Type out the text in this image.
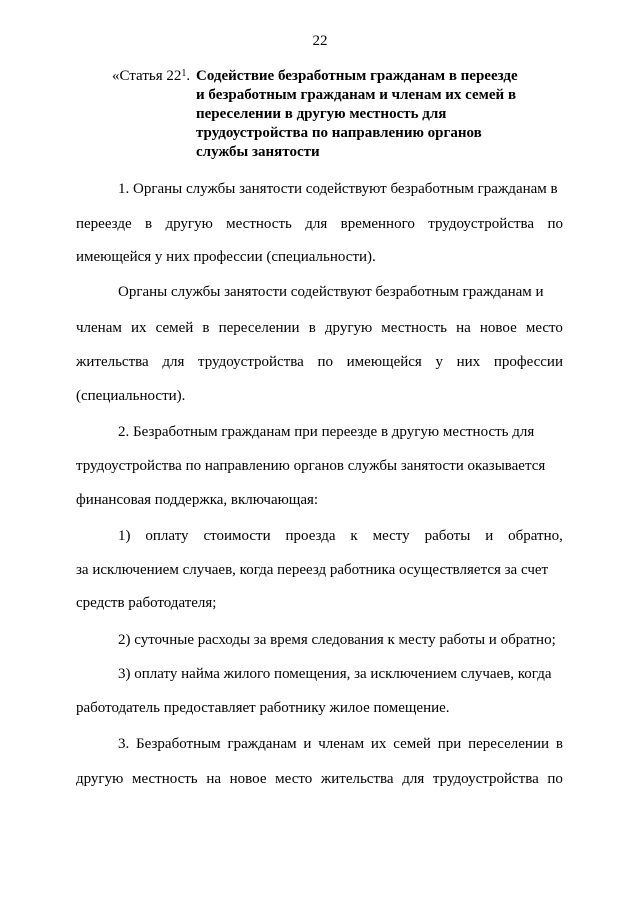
22
«Статья $22^1$. Содействие безработным гражданам в переезде
и безработным гражданам и членам их семей в
переселении в другую местность для
трудоустройства по направлению органов
службы занятости
1. Органы службы занятости содействуют безработным гражданам в
переезде в другую местность для временного трудоустройства по
имеющейся у них профессии (специальности).
Органы службы занятости содействуют безработным гражданам и
членам их семей в переселении в другую местность на новое место
жительства для трудоустройства по имеющейся у них профессии
(специальности).
2. Безработным гражданам при переезде в другую местность для
трудоустройства по направлению органов службы занятости оказывается
финансовая поддержка, включающая:
1) оплату стоимости проезда к месту работы и обратно,
за исключением случаев, когда переезд работника осуществляется за счет
средств работодателя;
2) суточные расходы за время следования к месту работы и обратно;
3) оплату найма жилого помещения, за исключением случаев, когда
работодатель предоставляет работнику жилое помещение.
3. Безработным гражданам и членам их семей при переселении в
другую местность на новое место жительства для трудоустройства по
